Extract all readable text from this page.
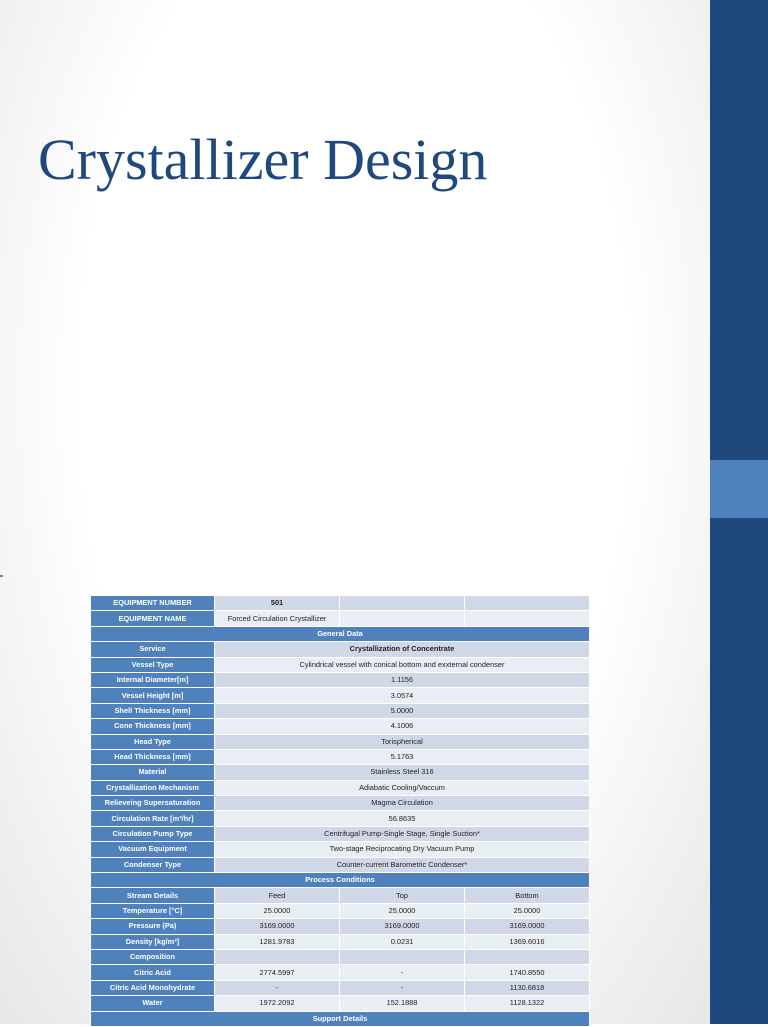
Crystallizer Design
EQUIPMENT NUMBER	501		
EQUIPMENT NAME	Forced Circulation Crystallizer		
General Data			
Service	Crystallization of Concentrate		
Vessel Type	Cylindrical vessel with conical bottom and exxternal condenser		
Internal Diameter[m]	1.1156		
Vessel Height [m]	3.0574		
Shell Thickness [mm]	5.0000		
Cone Thickness [mm]	4.1006		
Head Type	Torispherical		
Head Thickness [mm]	5.1763		
Material	Stainless Steel 316		
Crystallization Mechanism	Adiabatic Cooling/Vaccum		
Relieveing Supersaturation	Magma Circulation		
Circulation Rate [m³/hr]	56.8635		
Circulation Pump Type	Centrifugal Pump-Single Stage, Single Suction*		
Vacuum Equipment	Two-stage Reciprocating Dry Vacuum Pump		
Condenser Type	Counter-current Barometric Condenser*		
Process Conditions			
Stream Details	Feed	Top	Bottom
Temperature [°C]	25.0000	25.0000	25.0000
Pressure (Pa)	3169.0000	3169.0000	3169.0000
Density [kg/m³]	1281.9783	0.0231	1369.6016
Composition			
Citric Acid	2774.5997	-	1740.8550
Citric Acid Monohydrate	-	-	1130.6818
Water	1972.2092	152.1888	1128.1322
Support Details			
